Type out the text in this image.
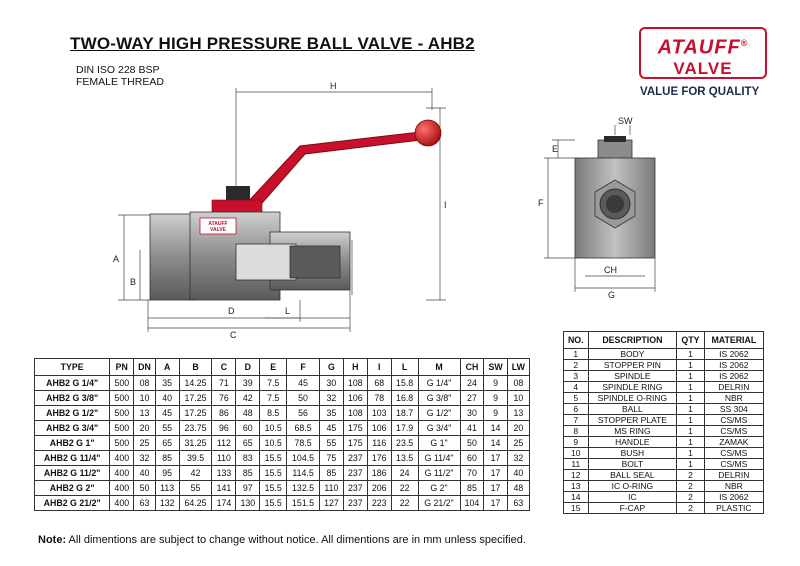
TWO-WAY HIGH PRESSURE BALL VALVE - AHB2
DIN ISO 228 BSP
FEMALE THREAD
ATAUFF®
VALVE
VALUE FOR QUALITY
H
I
A
B
D
C
L
SW
E
F
CH
G
ATAUFF
VALVE
TYPE	PN	DN	A	B	C	D	E	F	G	H	I	L	M	CH	SW	LW
AHB2 G 1/4"	500	08	35	14.25	71	39	7.5	45	30	108	68	15.8	G 1/4"	24	9	08
AHB2 G 3/8"	500	10	40	17.25	76	42	7.5	50	32	106	78	16.8	G 3/8"	27	9	10
AHB2 G 1/2"	500	13	45	17.25	86	48	8.5	56	35	108	103	18.7	G 1/2"	30	9	13
AHB2 G 3/4"	500	20	55	23.75	96	60	10.5	68.5	45	175	106	17.9	G 3/4"	41	14	20
AHB2 G 1"	500	25	65	31.25	112	65	10.5	78.5	55	175	116	23.5	G 1"	50	14	25
AHB2 G 11/4"	400	32	85	39.5	110	83	15.5	104.5	75	237	176	13.5	G 11/4"	60	17	32
AHB2 G 11/2"	400	40	95	42	133	85	15.5	114.5	85	237	186	24	G 11/2"	70	17	40
AHB2 G 2"	400	50	113	55	141	97	15.5	132.5	110	237	206	22	G 2"	85	17	48
AHB2 G 21/2"	400	63	132	64.25	174	130	15.5	151.5	127	237	223	22	G 21/2"	104	17	63
NO.	DESCRIPTION	QTY	MATERIAL
1	BODY	1	IS 2062
2	STOPPER PIN	1	IS 2062
3	SPINDLE	1	IS 2062
4	SPINDLE RING	1	DELRIN
5	SPINDLE O-RING	1	NBR
6	BALL	1	SS 304
7	STOPPER PLATE	1	CS/MS
8	MS RING	1	CS/MS
9	HANDLE	1	ZAMAK
10	BUSH	1	CS/MS
11	BOLT	1	CS/MS
12	BALL SEAL	2	DELRIN
13	IC O-RING	2	NBR
14	IC	2	IS 2062
15	F-CAP	2	PLASTIC
Note: All dimentions are subject to change without notice. All dimentions are in mm unless specified.
